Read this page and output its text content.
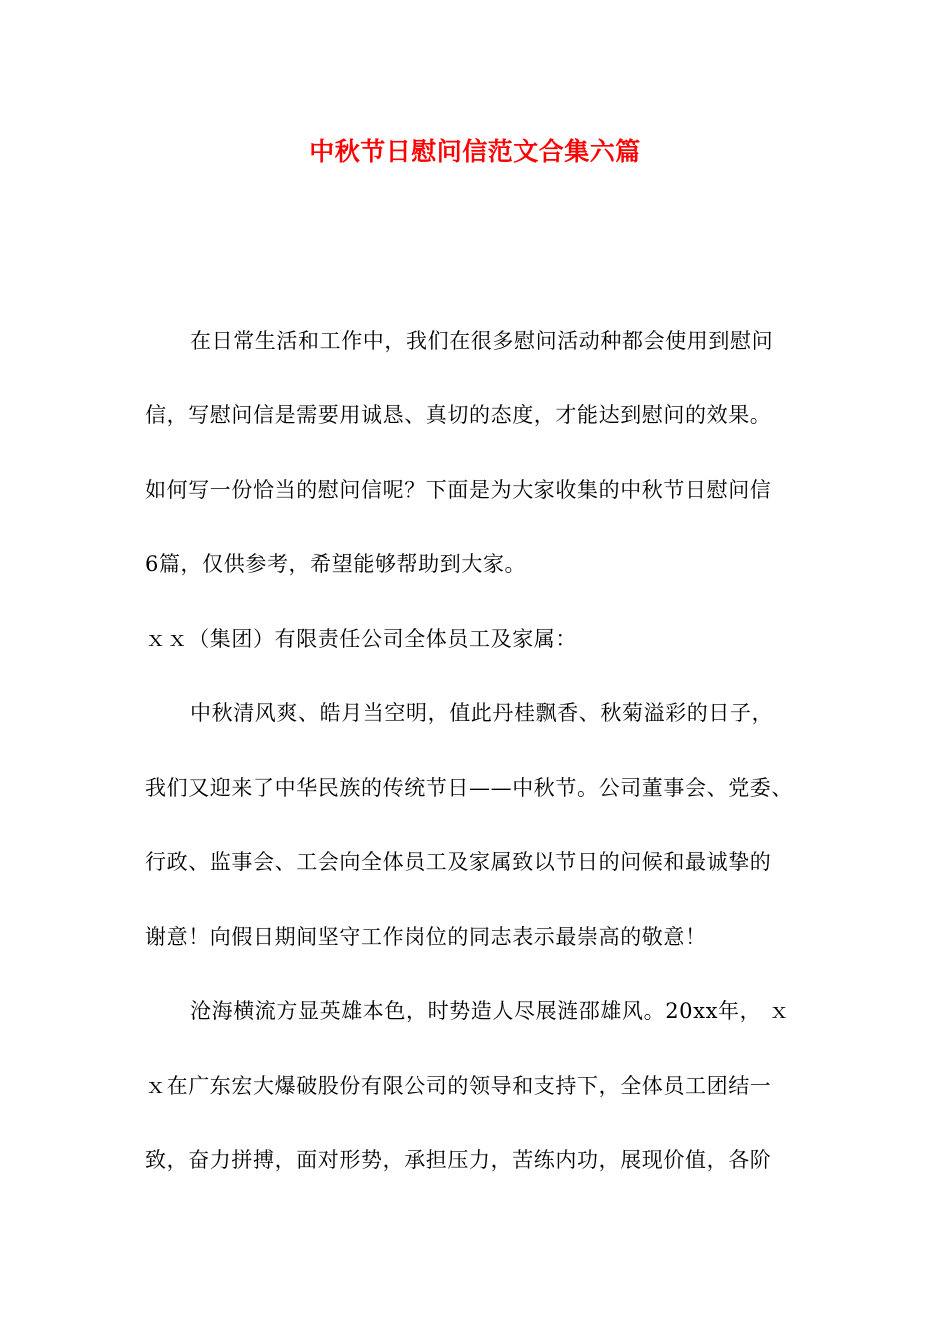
中秋节日慰问信范文合集六篇

在日常生活和工作中，我们在很多慰问活动种都会使用到慰问

信，写慰问信是需要用诚恳、真切的态度，才能达到慰问的效果。

如何写一份恰当的慰问信呢？下面是为大家收集的中秋节日慰问信

6篇，仅供参考，希望能够帮助到大家。

ｘｘ（集团）有限责任公司全体员工及家属：

中秋清风爽、皓月当空明，值此丹桂飘香、秋菊溢彩的日子，

我们又迎来了中华民族的传统节日——中秋节。公司董事会、党委、

行政、监事会、工会向全体员工及家属致以节日的问候和最诚挚的

谢意！向假日期间坚守工作岗位的同志表示最崇高的敬意！

沧海横流方显英雄本色，时势造人尽展涟邵雄风。20xx年， ｘ

ｘ在广东宏大爆破股份有限公司的领导和支持下，全体员工团结一

致，奋力拼搏，面对形势，承担压力，苦练内功，展现价值，各阶
